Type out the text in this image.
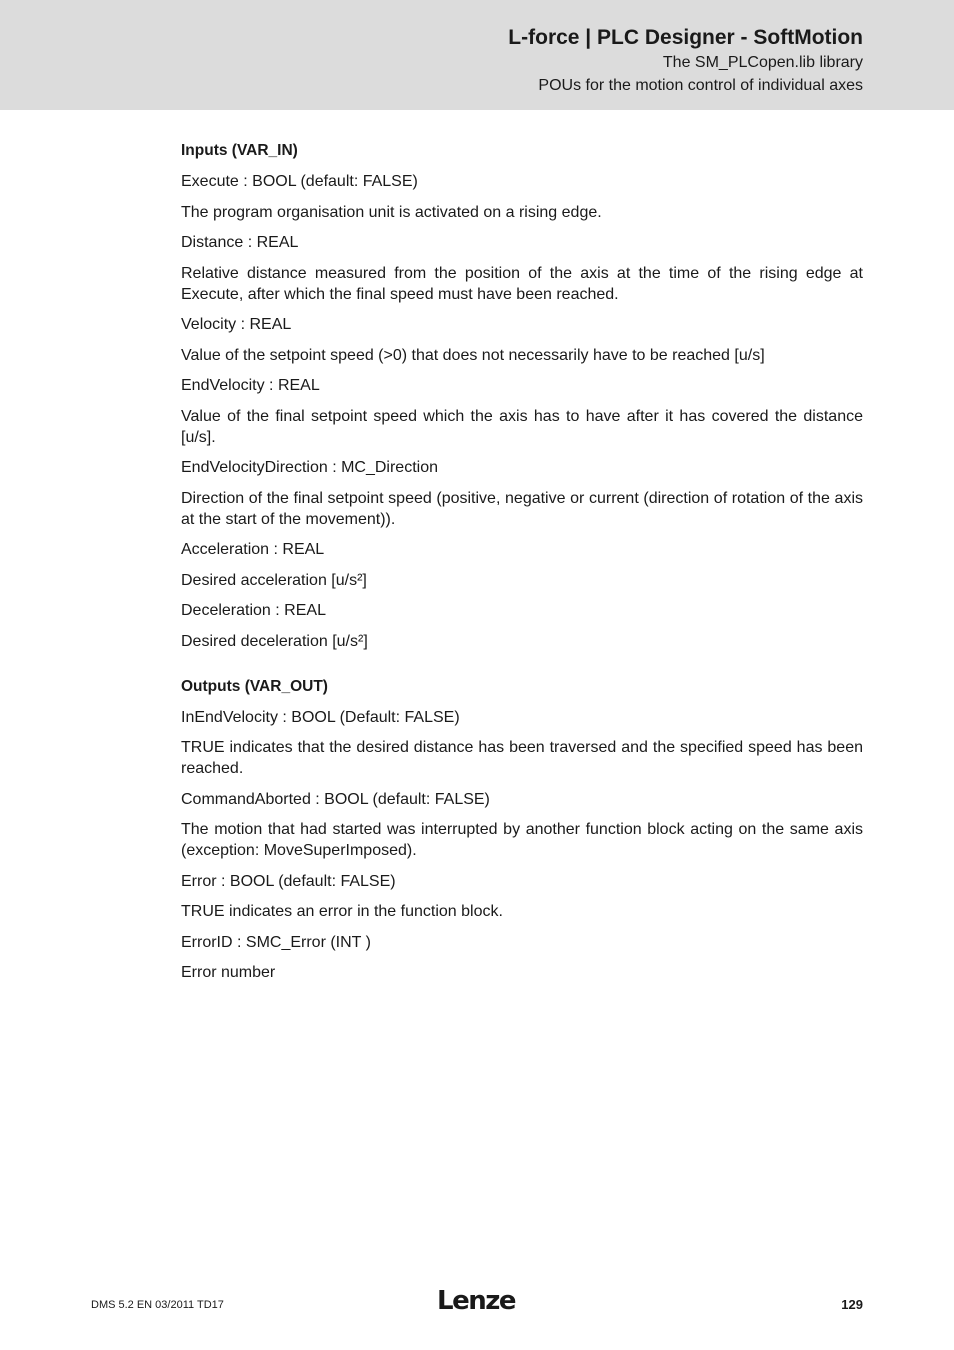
L-force | PLC Designer - SoftMotion
The SM_PLCopen.lib library
POUs for the motion control of individual axes
Inputs (VAR_IN)
Execute : BOOL (default: FALSE)
The program organisation unit is activated on a rising edge.
Distance : REAL
Relative distance measured from the position of the axis at the time of the rising edge at Execute, after which the final speed must have been reached.
Velocity : REAL
Value of the setpoint speed (>0) that does not necessarily have to be reached [u/s]
EndVelocity : REAL
Value of the final setpoint speed which the axis has to have after it has covered the distance [u/s].
EndVelocityDirection : MC_Direction
Direction of the final setpoint speed (positive, negative or current (direction of rotation of the axis at the start of the movement)).
Acceleration : REAL
Desired acceleration [u/s²]
Deceleration : REAL
Desired deceleration [u/s²]
Outputs (VAR_OUT)
InEndVelocity : BOOL (Default: FALSE)
TRUE indicates that the desired distance has been traversed and the specified speed has been reached.
CommandAborted : BOOL (default: FALSE)
The motion that had started was interrupted by another function block acting on the same axis (exception: MoveSuperImposed).
Error : BOOL (default: FALSE)
TRUE indicates an error in the function block.
ErrorID : SMC_Error (INT )
Error number
DMS 5.2 EN 03/2011 TD17	Lenze	129
